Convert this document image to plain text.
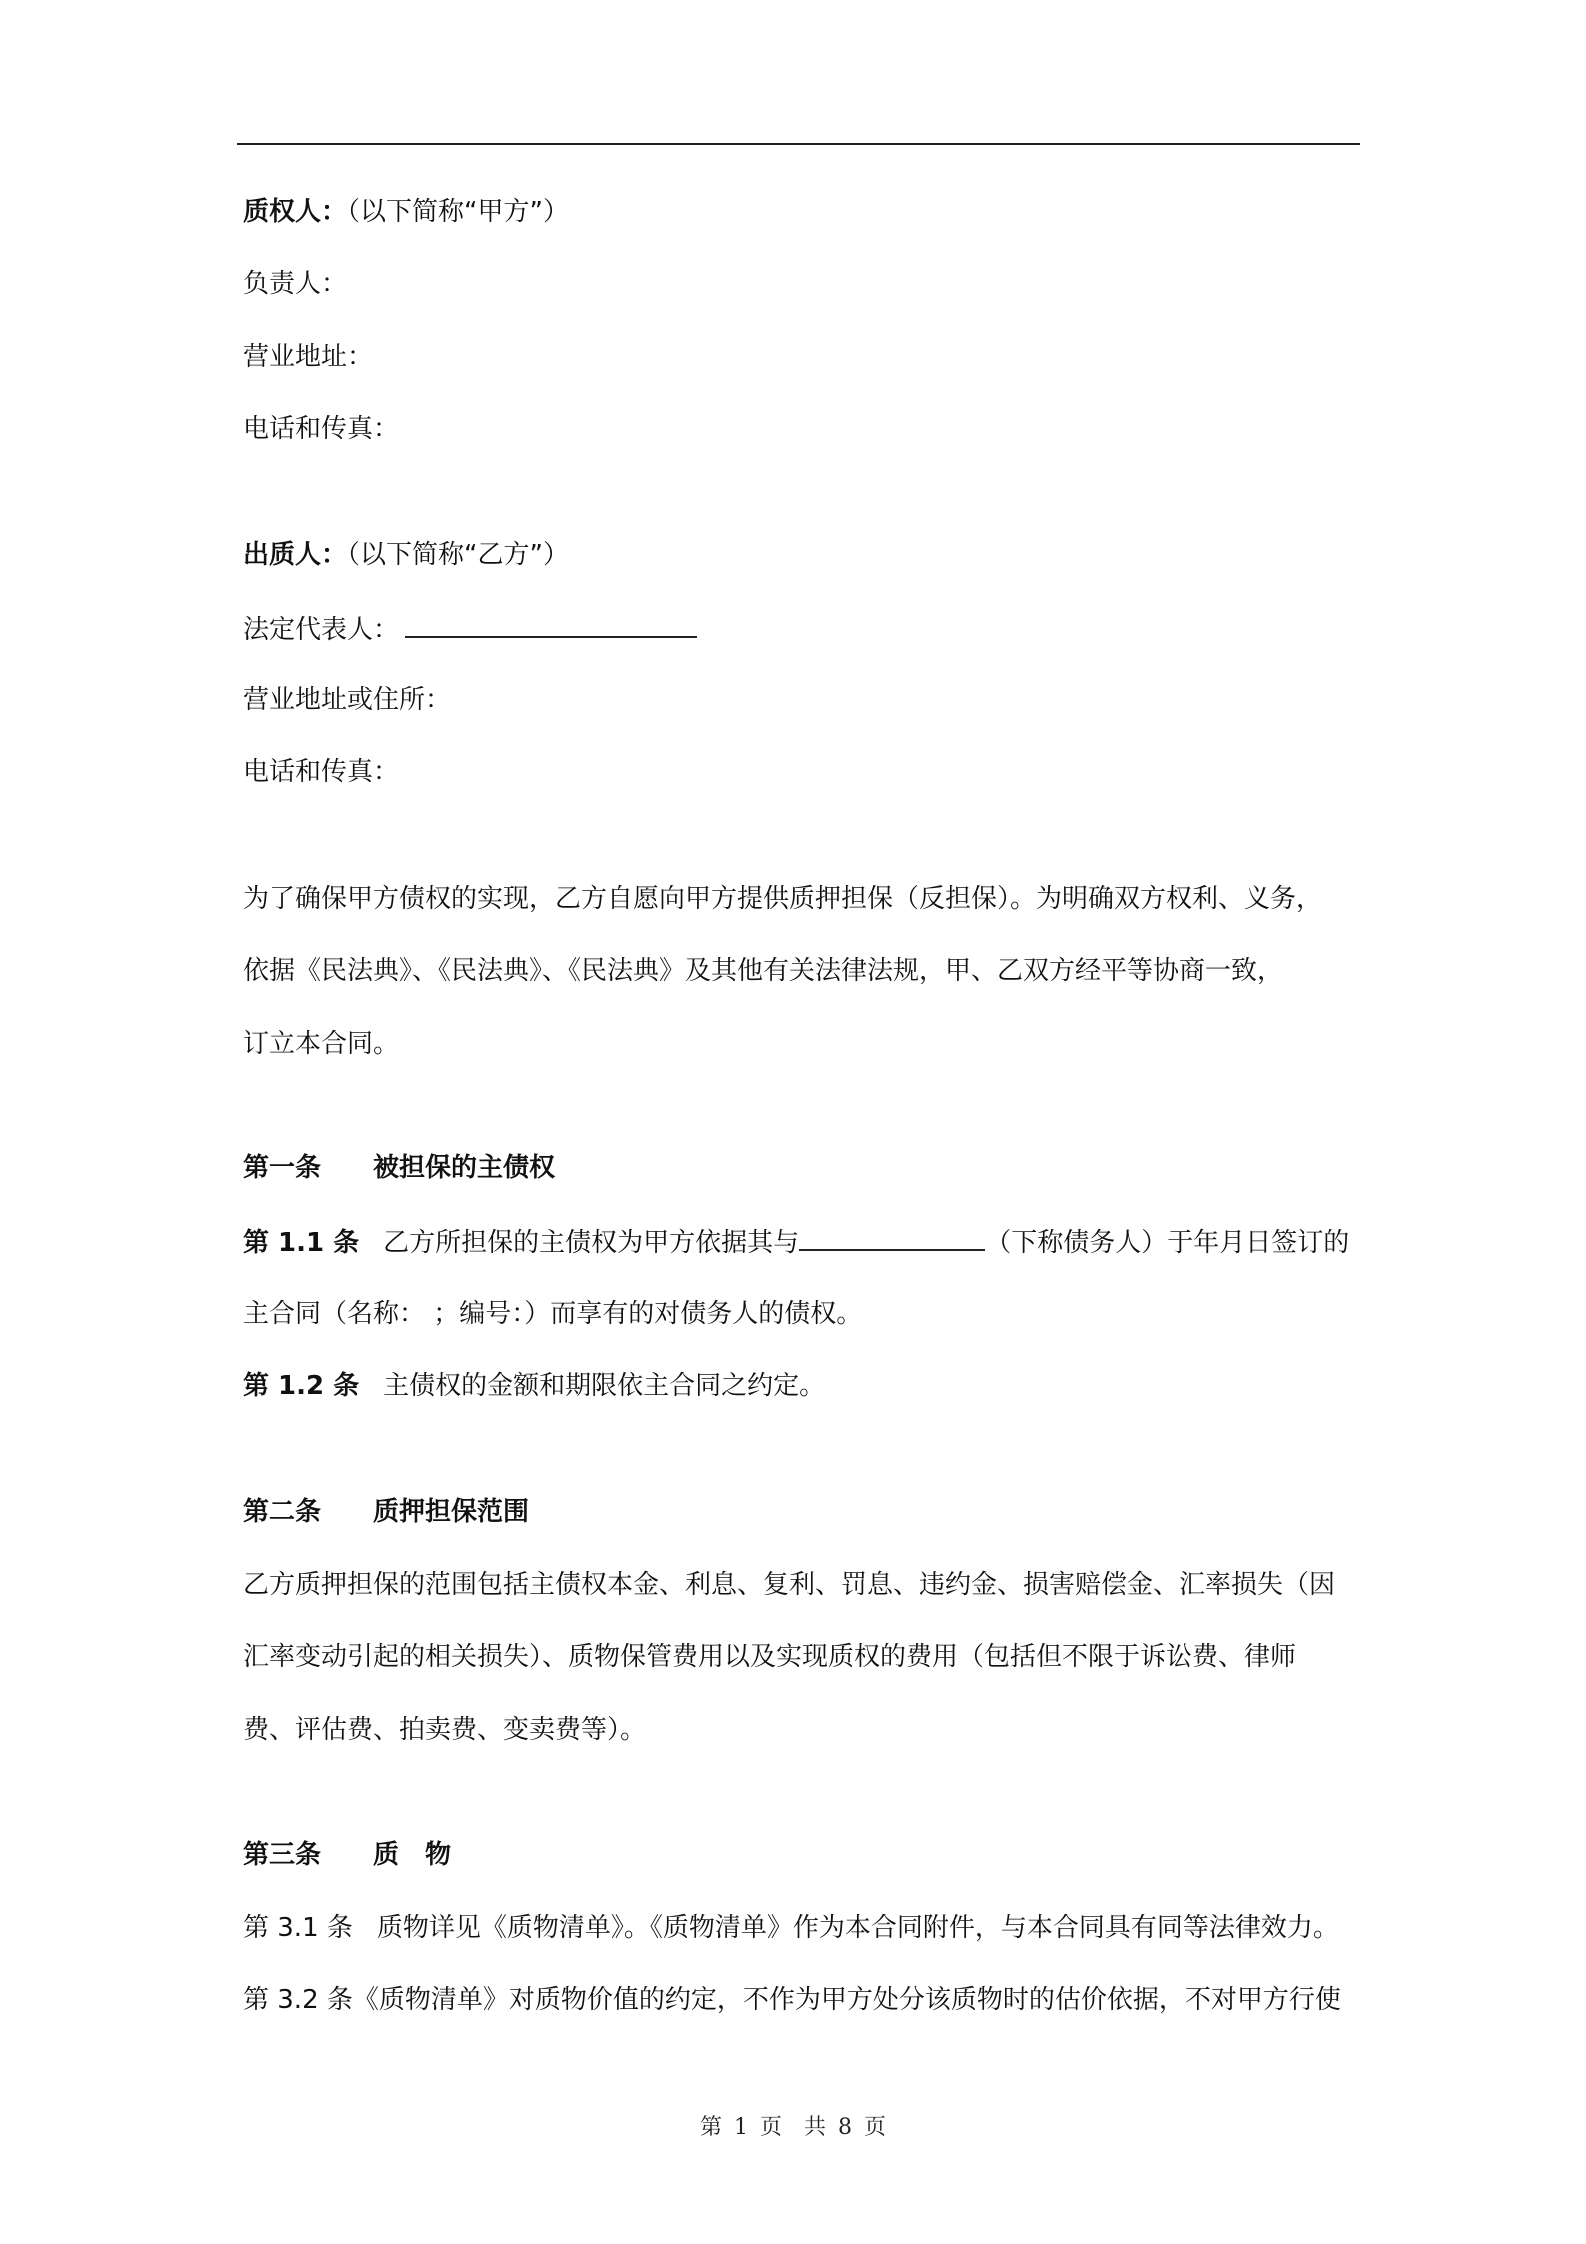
质权人：（以下简称“甲方”）
负责人：
营业地址：
电话和传真：
出质人：（以下简称“乙方”）
法定代表人：
营业地址或住所：
电话和传真：
为了确保甲方债权的实现，乙方自愿向甲方提供质押担保（反担保）。为明确双方权利、义务，
依据《民法典》、《民法典》、《民法典》及其他有关法律法规，甲、乙双方经平等协商一致，
订立本合同。
第一条 被担保的主债权
第 1.1 条 乙方所担保的主债权为甲方依据其与	（下称债务人）于年月日签订的
主合同（名称： ；编号：）而享有的对债务人的债权。
第 1.2 条 主债权的金额和期限依主合同之约定。
第二条 质押担保范围
乙方质押担保的范围包括主债权本金、利息、复利、罚息、违约金、损害赔偿金、汇率损失（因
汇率变动引起的相关损失）、质物保管费用以及实现质权的费用（包括但不限于诉讼费、律师
费、评估费、拍卖费、变卖费等）。
第三条 质　物
第 3.1 条 质物详见《质物清单》。《质物清单》作为本合同附件，与本合同具有同等法律效力。
第 3.2 条《质物清单》对质物价值的约定，不作为甲方处分该质物时的估价依据，不对甲方行使
第 1 页　共 8 页
